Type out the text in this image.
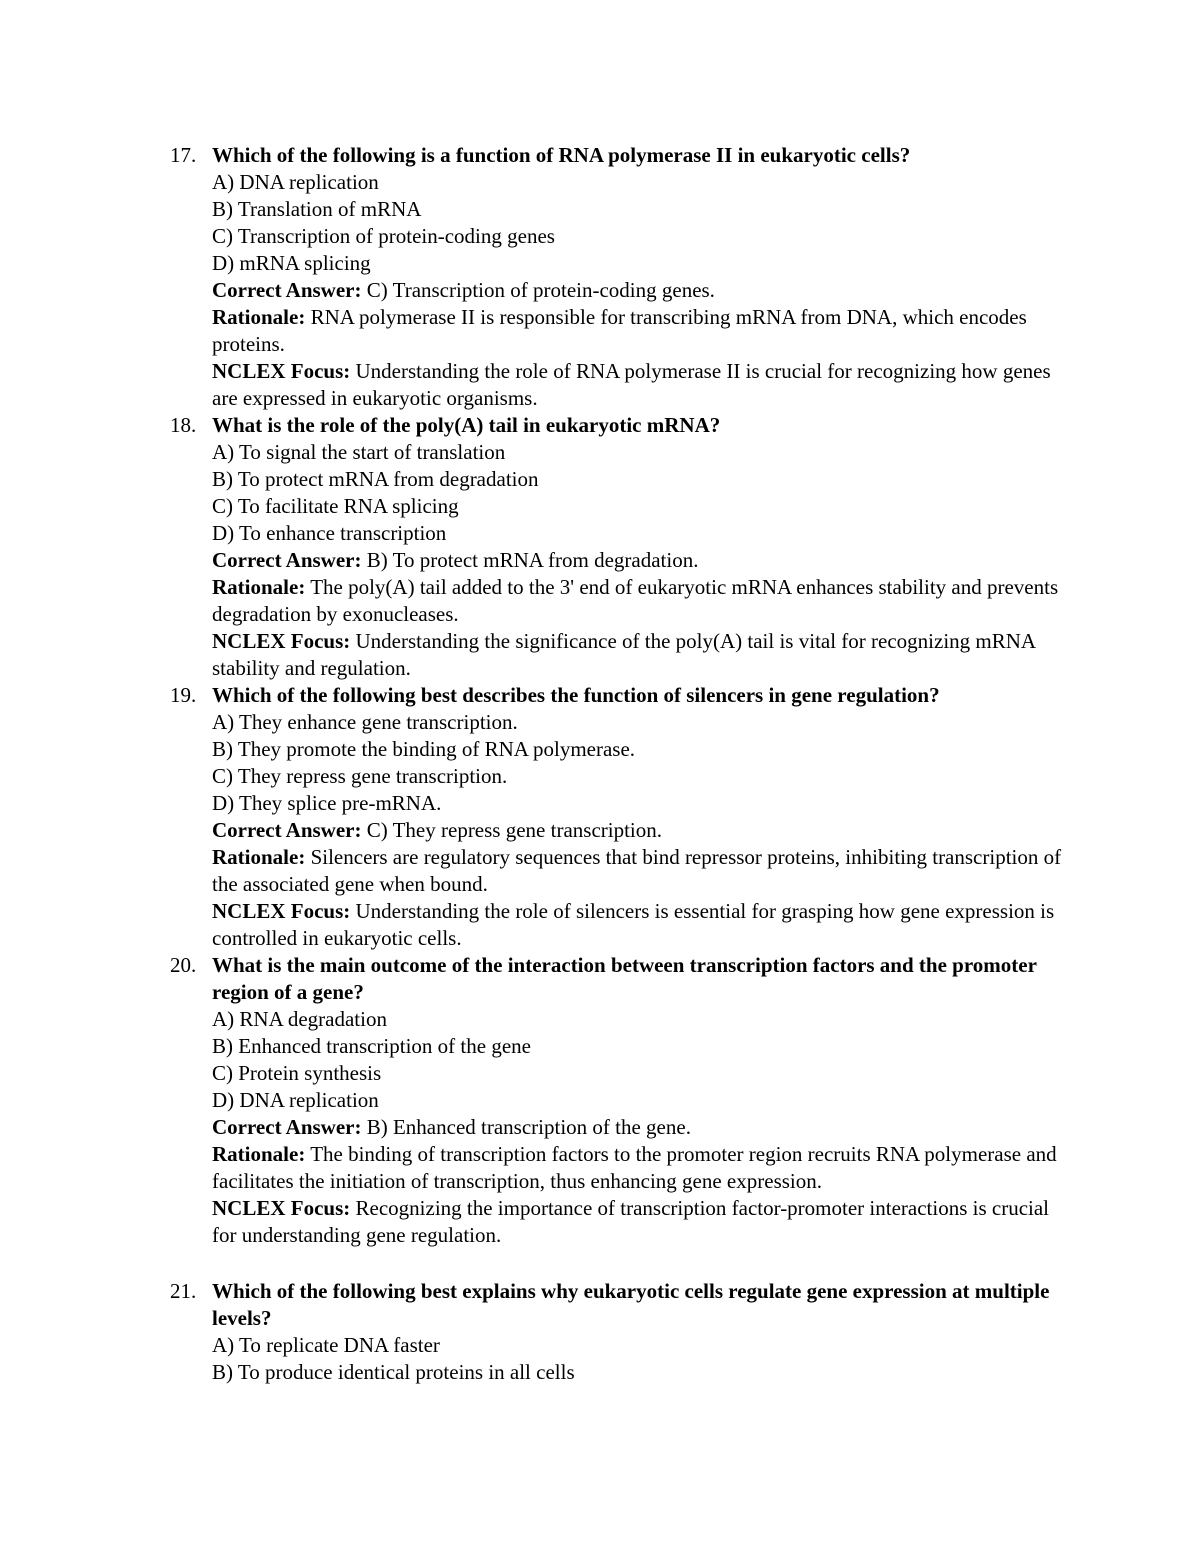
17. Which of the following is a function of RNA polymerase II in eukaryotic cells?
A) DNA replication
B) Translation of mRNA
C) Transcription of protein-coding genes
D) mRNA splicing
Correct Answer: C) Transcription of protein-coding genes.
Rationale: RNA polymerase II is responsible for transcribing mRNA from DNA, which encodes proteins.
NCLEX Focus: Understanding the role of RNA polymerase II is crucial for recognizing how genes are expressed in eukaryotic organisms.
18. What is the role of the poly(A) tail in eukaryotic mRNA?
A) To signal the start of translation
B) To protect mRNA from degradation
C) To facilitate RNA splicing
D) To enhance transcription
Correct Answer: B) To protect mRNA from degradation.
Rationale: The poly(A) tail added to the 3' end of eukaryotic mRNA enhances stability and prevents degradation by exonucleases.
NCLEX Focus: Understanding the significance of the poly(A) tail is vital for recognizing mRNA stability and regulation.
19. Which of the following best describes the function of silencers in gene regulation?
A) They enhance gene transcription.
B) They promote the binding of RNA polymerase.
C) They repress gene transcription.
D) They splice pre-mRNA.
Correct Answer: C) They repress gene transcription.
Rationale: Silencers are regulatory sequences that bind repressor proteins, inhibiting transcription of the associated gene when bound.
NCLEX Focus: Understanding the role of silencers is essential for grasping how gene expression is controlled in eukaryotic cells.
20. What is the main outcome of the interaction between transcription factors and the promoter region of a gene?
A) RNA degradation
B) Enhanced transcription of the gene
C) Protein synthesis
D) DNA replication
Correct Answer: B) Enhanced transcription of the gene.
Rationale: The binding of transcription factors to the promoter region recruits RNA polymerase and facilitates the initiation of transcription, thus enhancing gene expression.
NCLEX Focus: Recognizing the importance of transcription factor-promoter interactions is crucial for understanding gene regulation.
21. Which of the following best explains why eukaryotic cells regulate gene expression at multiple levels?
A) To replicate DNA faster
B) To produce identical proteins in all cells
